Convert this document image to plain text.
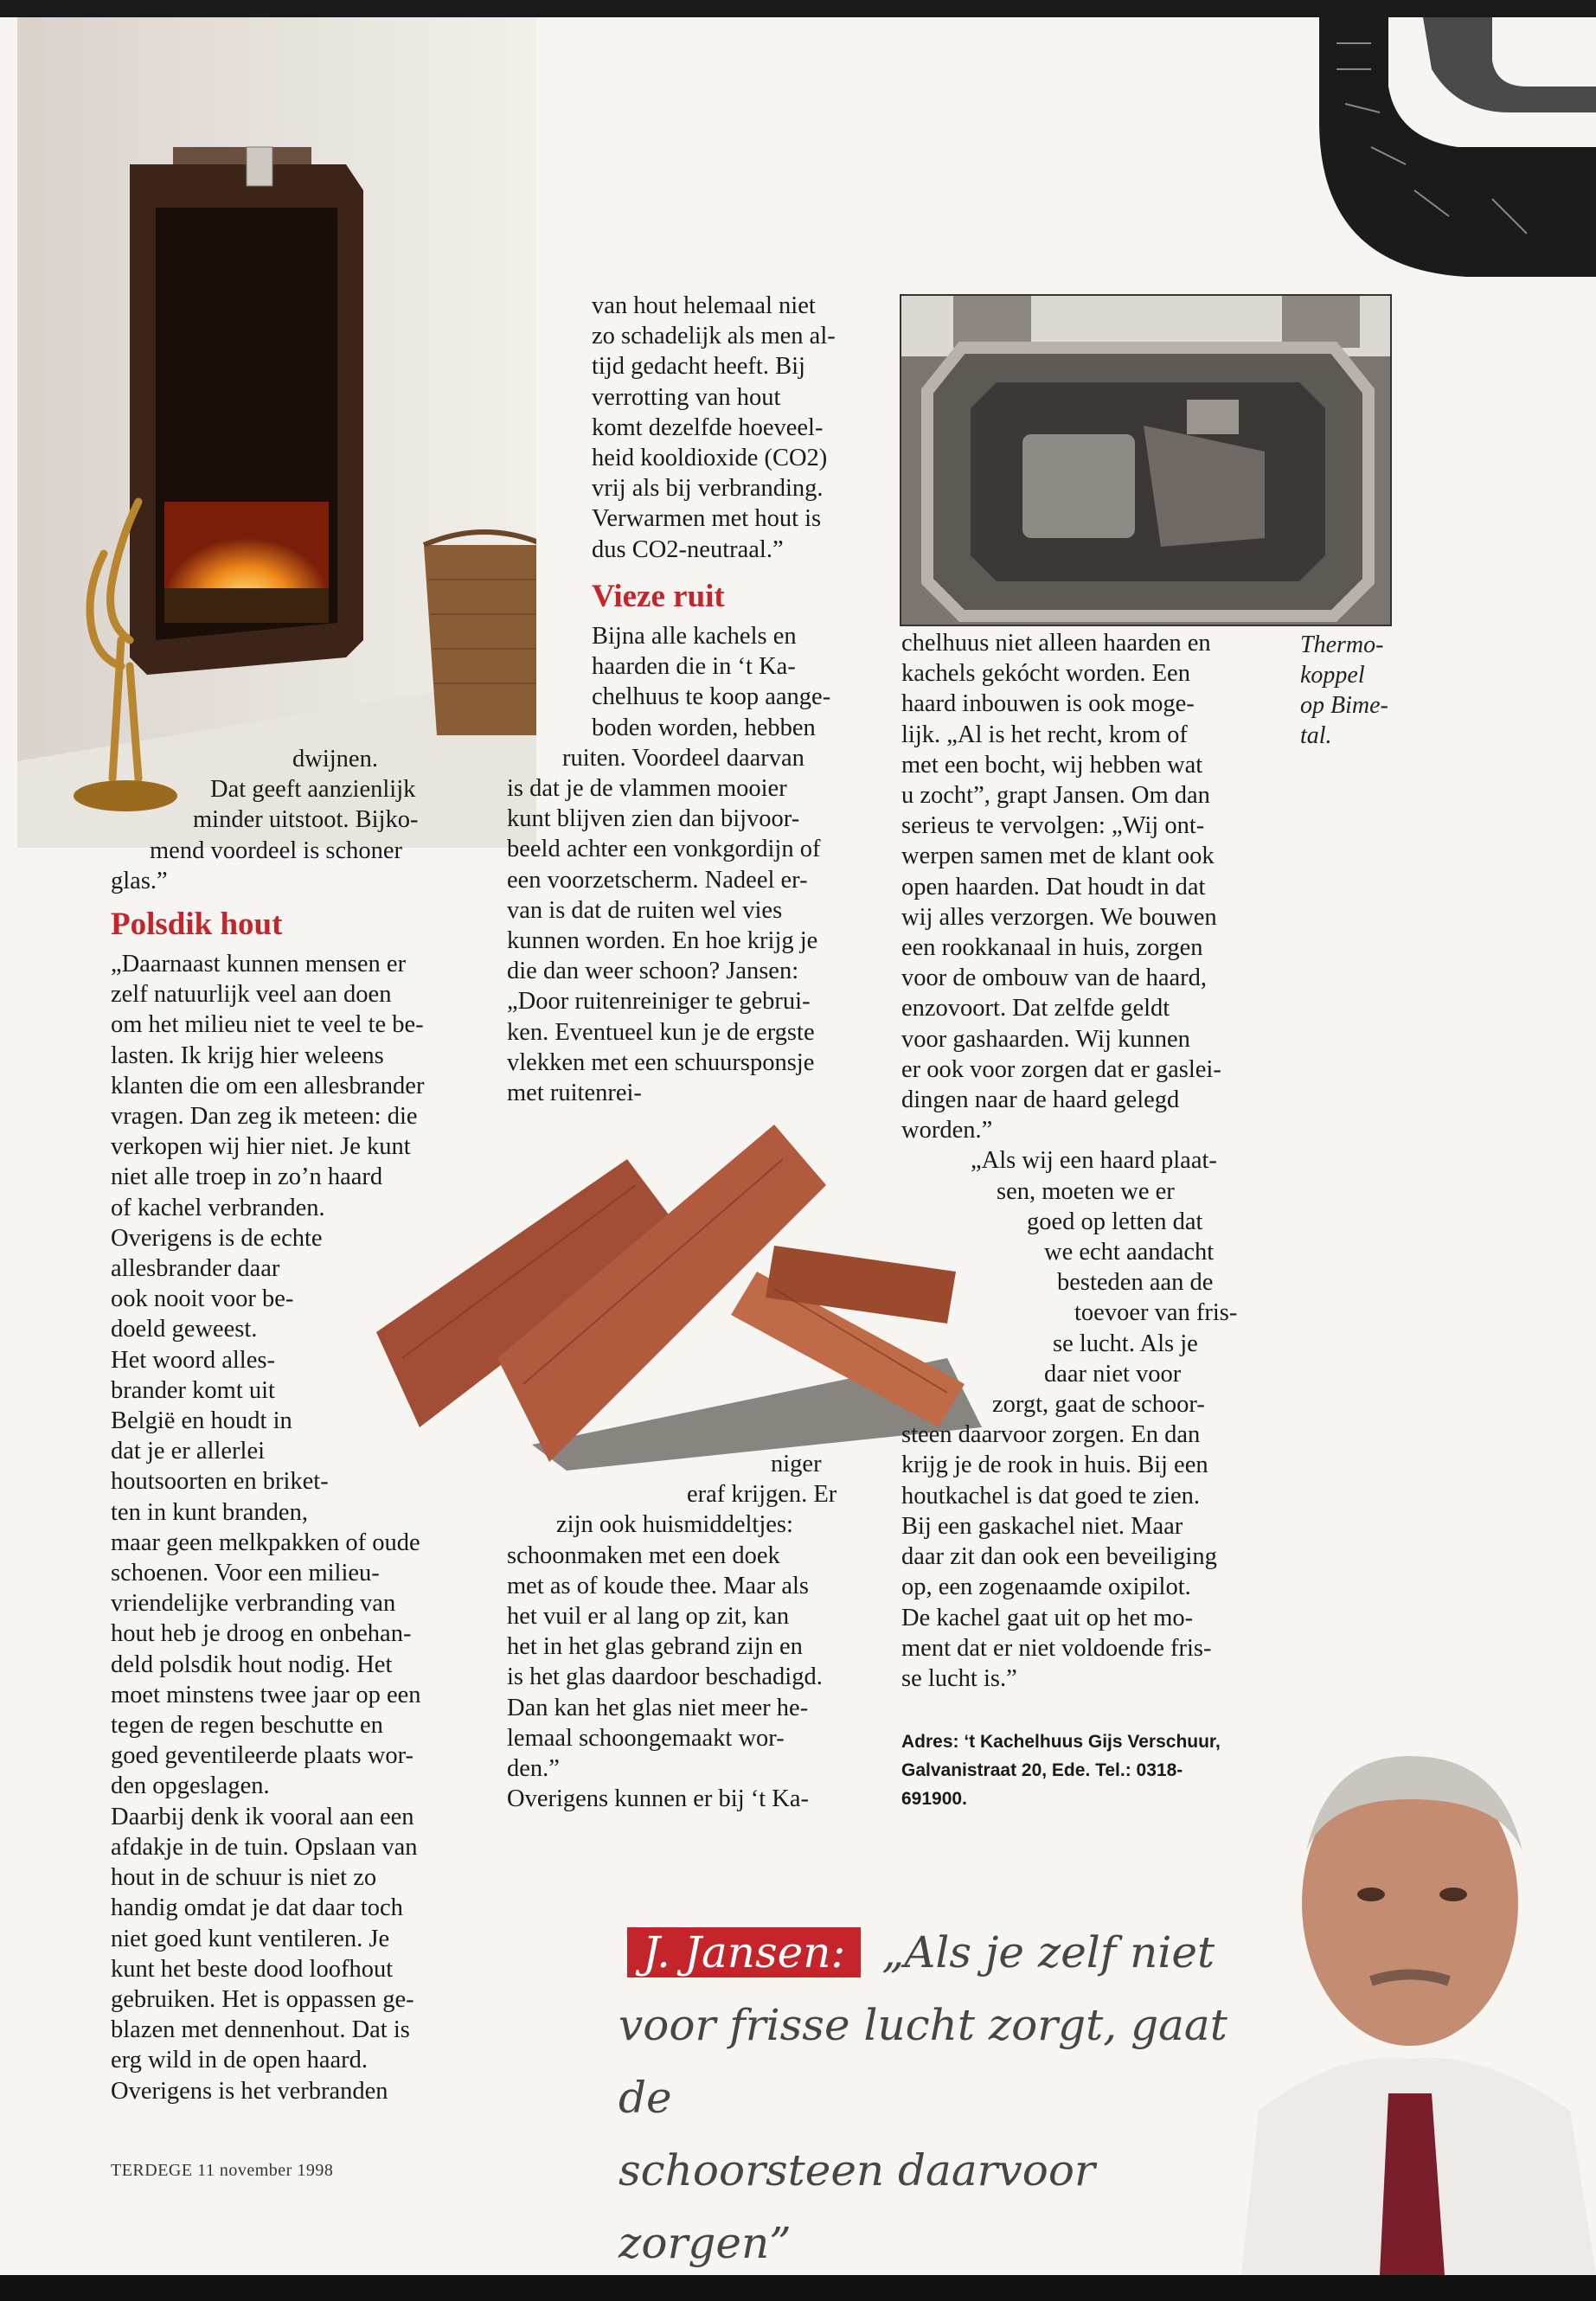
dwijnen.

Dat geeft aanzienlijk

minder uitstoot. Bijko-

mend voordeel is schoner

glas.”

Polsdik hout

„Daarnaast kunnen mensen er

zelf natuurlijk veel aan doen

om het milieu niet te veel te be-

lasten. Ik krijg hier weleens

klanten die om een allesbrander

vragen. Dan zeg ik meteen: die

verkopen wij hier niet. Je kunt

niet alle troep in zo’n haard

of kachel verbranden.

Overigens is de echte

allesbrander daar

ook nooit voor be-

doeld geweest.

Het woord alles-

brander komt uit

België en houdt in

dat je er allerlei

houtsoorten en briket-

ten in kunt branden,

maar geen melkpakken of oude

schoenen. Voor een milieu-

vriendelijke verbranding van

hout heb je droog en onbehan-

deld polsdik hout nodig. Het

moet minstens twee jaar op een

tegen de regen beschutte en

goed geventileerde plaats wor-

den opgeslagen.

Daarbij denk ik vooral aan een

afdakje in de tuin. Opslaan van

hout in de schuur is niet zo

handig omdat je dat daar toch

niet goed kunt ventileren. Je

kunt het beste dood loofhout

gebruiken. Het is oppassen ge-

blazen met dennenhout. Dat is

erg wild in de open haard.

Overigens is het verbranden

van hout helemaal niet

zo schadelijk als men al-

tijd gedacht heeft. Bij

verrotting van hout

komt dezelfde hoeveel-

heid kooldioxide (CO2)

vrij als bij verbranding.

Verwarmen met hout is

dus CO2-neutraal.”

Vieze ruit

Bijna alle kachels en

haarden die in ‘t Ka-

chelhuus te koop aange-

boden worden, hebben

ruiten. Voordeel daarvan

is dat je de vlammen mooier

kunt blijven zien dan bijvoor-

beeld achter een vonkgordijn of

een voorzetscherm. Nadeel er-

van is dat de ruiten wel vies

kunnen worden. En hoe krijg je

die dan weer schoon? Jansen:

„Door ruitenreiniger te gebrui-

ken. Eventueel kun je de ergste

vlekken met een schuursponsje

met ruitenrei-

niger

eraf krijgen. Er

zijn ook huismiddeltjes:

schoonmaken met een doek

met as of koude thee. Maar als

het vuil er al lang op zit, kan

het in het glas gebrand zijn en

is het glas daardoor beschadigd.

Dan kan het glas niet meer he-

lemaal schoongemaakt wor-

den.”

Overigens kunnen er bij ‘t Ka-

chelhuus niet alleen haarden en

kachels gekócht worden. Een

haard inbouwen is ook moge-

lijk. „Al is het recht, krom of

met een bocht, wij hebben wat

u zocht”, grapt Jansen. Om dan

serieus te vervolgen: „Wij ont-

werpen samen met de klant ook

open haarden. Dat houdt in dat

wij alles verzorgen. We bouwen

een rookkanaal in huis, zorgen

voor de ombouw van de haard,

enzovoort. Dat zelfde geldt

voor gashaarden. Wij kunnen

er ook voor zorgen dat er gaslei-

dingen naar de haard gelegd

worden.”

„Als wij een haard plaat-

sen, moeten we er

goed op letten dat

we echt aandacht

besteden aan de

toevoer van fris-

se lucht. Als je

daar niet voor

zorgt, gaat de schoor-

steen daarvoor zorgen. En dan

krijg je de rook in huis. Bij een

houtkachel is dat goed te zien.

Bij een gaskachel niet. Maar

daar zit dan ook een beveiliging

op, een zogenaamde oxipilot.

De kachel gaat uit op het mo-

ment dat er niet voldoende fris-

se lucht is.”

Thermo-
koppel
op Bime-
tal.
Adres: ‘t Kachelhuus Gijs Verschuur,
Galvanistraat 20, Ede. Tel.: 0318-
691900.
J. Jansen: „Als je zelf niet
voor frisse lucht zorgt, gaat de
schoorsteen daarvoor zorgen”
TERDEGE 11 november 1998
